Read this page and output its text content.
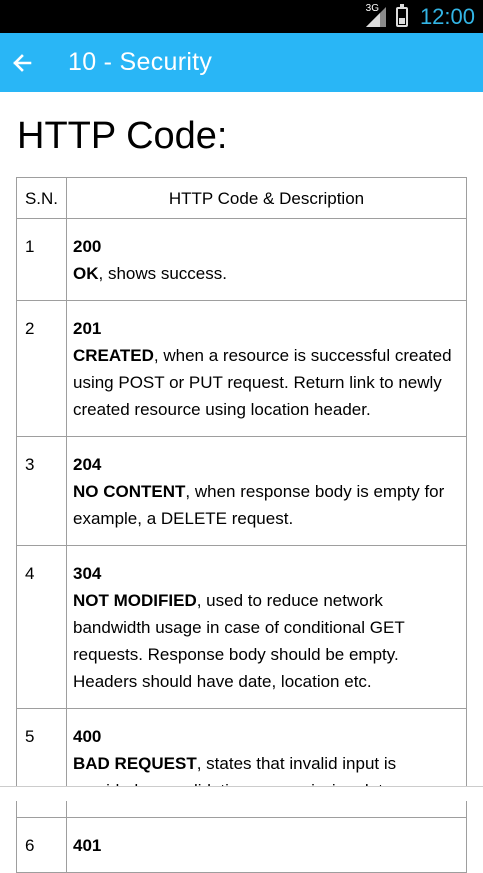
3G 12:00
10 - Security
HTTP Code:
S.N.	HTTP Code & Description
1	200
OK, shows success.
2	201
CREATED, when a resource is successful created using POST or PUT request. Return link to newly created resource using location header.
3	204
NO CONTENT, when response body is empty for example, a DELETE request.
4	304
NOT MODIFIED, used to reduce network bandwidth usage in case of conditional GET requests. Response body should be empty. Headers should have date, location etc.
5	400
BAD REQUEST, states that invalid input is
6	401
